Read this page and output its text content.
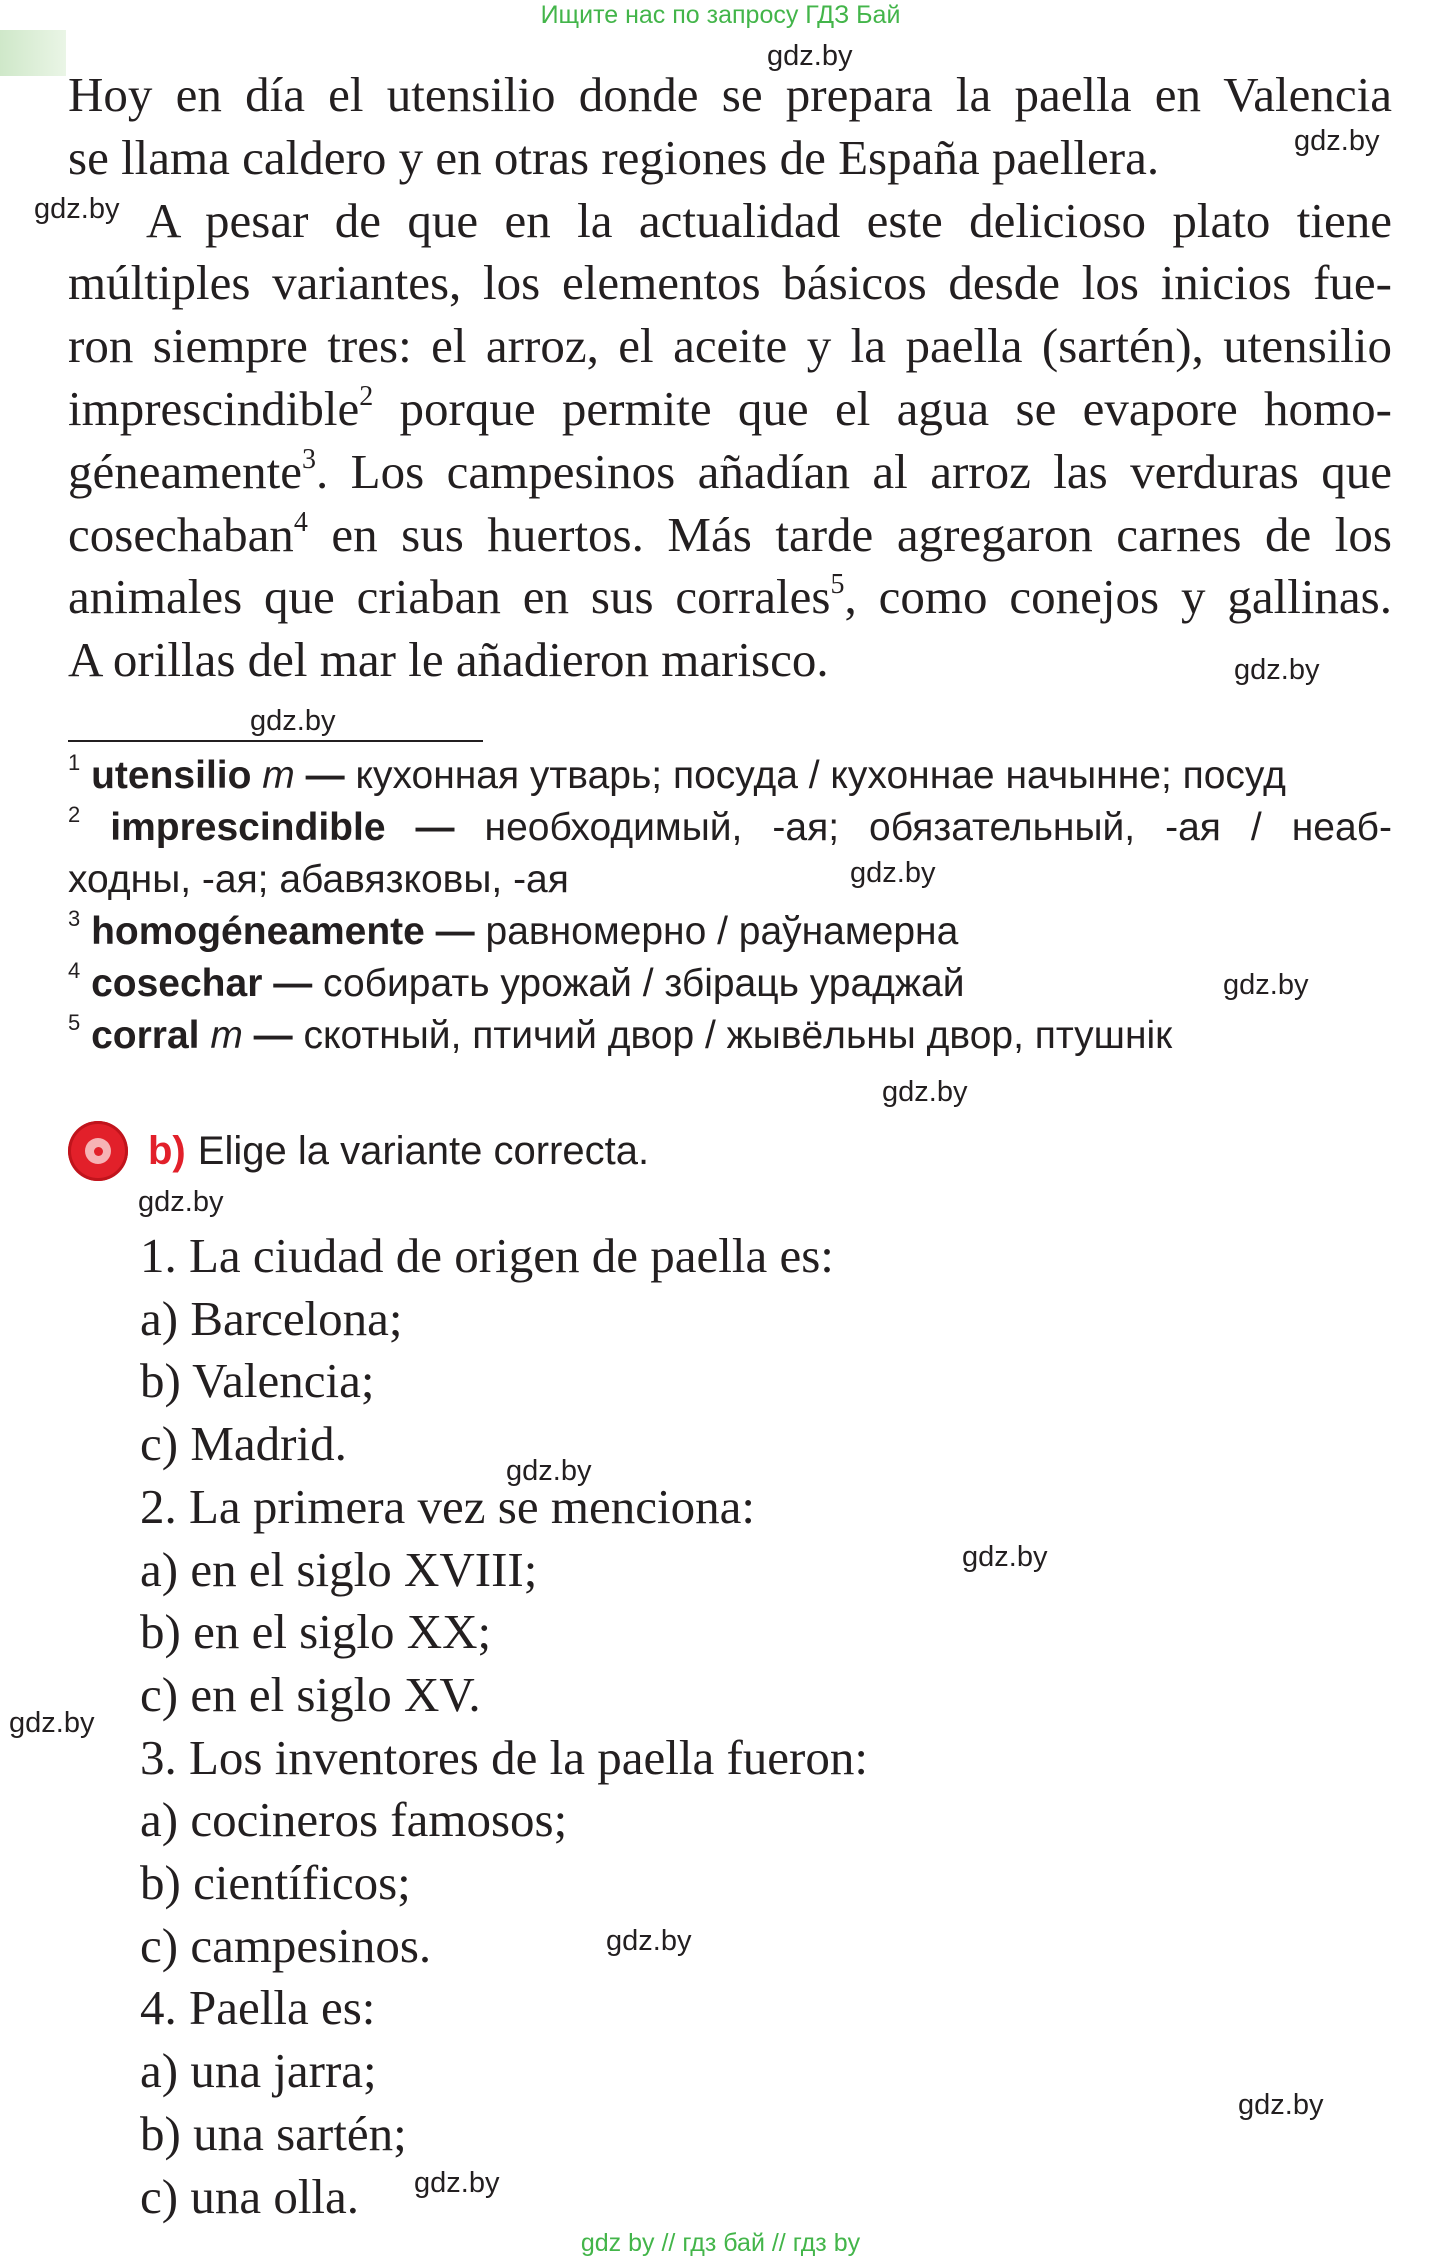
Ищите нас по запросу ГДЗ Бай
gdz.by
gdz.by
gdz.by
gdz.by
gdz.by
gdz.by
gdz.by
gdz.by
gdz.by
gdz.by
gdz.by
gdz.by
gdz.by
gdz.by
gdz.by
Hoy en día el utensilio donde se prepara la paella en Valencia
se llama caldero y en otras regiones de España paellera.
A pesar de que en la actualidad este delicioso plato tiene
múltiples variantes, los elementos básicos desde los inicios fue-
ron siempre tres: el arroz, el aceite y la paella (sartén), utensilio
imprescindible$^2$ porque permite que el agua se evapore homo-
géneamente$^3$. Los campesinos añadían al arroz las verduras que
cosechaban$^4$ en sus huertos. Más tarde agregaron carnes de los
animales que criaban en sus corrales$^5$, como conejos y gallinas.
A orillas del mar le añadieron marisco.
$^1$ utensilio m — кухонная утварь; посуда / кухоннае начынне; посуд
$^2$ imprescindible — необходимый, -ая; обязательный, -ая / неаб-
ходны, -ая; абавязковы, -ая
$^3$ homogéneamente — равномерно / раўнамерна
$^4$ cosechar — собирать урожай / збіраць ураджай
$^5$ corral m — скотный, птичий двор / жывёльны двор, птушнік
b) Elige la variante correcta.
1. La ciudad de origen de paella es:
a) Barcelona;
b) Valencia;
c) Madrid.
2. La primera vez se menciona:
a) en el siglo XVIII;
b) en el siglo XX;
c) en el siglo XV.
3. Los inventores de la paella fueron:
a) cocineros famosos;
b) científicos;
c) campesinos.
4. Paella es:
a) una jarra;
b) una sartén;
c) una olla.
gdz by // гдз бай // гдз by
